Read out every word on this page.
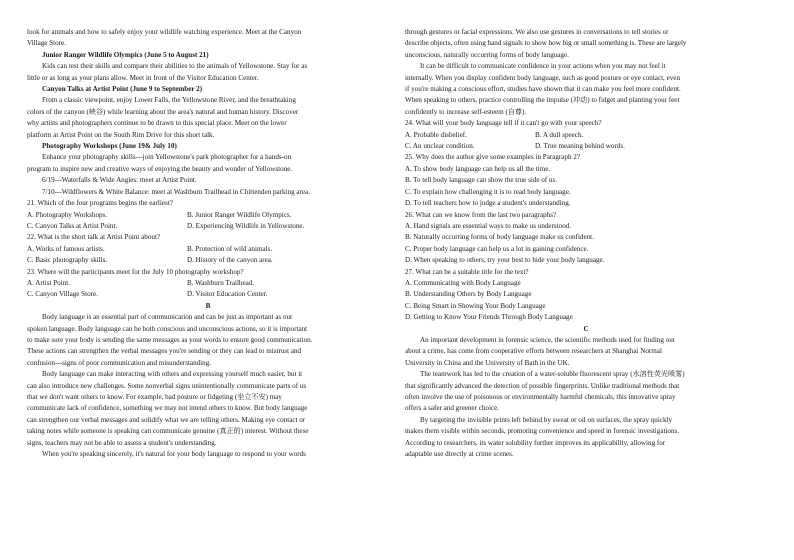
look for animals and how to safely enjoy your wildlife watching experience. Meet at the Canyon

Village Store.

Junior Ranger Wildlife Olympics (June 5 to August 21)

Kids can test their skills and compare their abilities to the animals of Yellowstone. Stay for as

little or as long as your plans allow. Meet in front of the Visitor Education Center.

Canyon Talks at Artist Point (June 9 to September 2)

From a classic viewpoint, enjoy Lower Falls, the Yellowstone River, and the breathtaking

colors of the canyon (峡谷) while learning about the area's natural and human history. Discover

why artists and photographers continue to be drawn to this special place. Meet on the lower

platform at Artist Point on the South Rim Drive for this short talk.

Photography Workshops (June 19& July 10)

Enhance your photography skills---join Yellowstone's park photographer for a hands-on

program to inspire new and creative ways of enjoying the beauty and wonder of Yellowstone.

6/19---Waterfalls & Wide Angles: meet at Artist Point.

7/10---Wildflowers & White Balance: meet at Washburn Trailhead in Chittenden parking area.

21. Which of the four programs begins the earliest?

A. Photography Workshops.	B. Junior Ranger Wildlife Olympics.
C. Canyon Talks at Artist Point.	D. Experiencing Wildlife in Yellowstone.

22. What is the short talk at Artist Point about?

A. Works of famous artists.	B. Protection of wild animals.
C. Basic photography skills.	D. History of the canyon area.

23. Where will the participants meet for the July 10 photography workshop?

A. Artist Point.	B. Washburn Trailhead.
C. Canyon Village Store.	D. Visitor Education Center.

B

Body language is an essential part of communication and can be just as important as our

spoken language. Body language can be both conscious and unconscious actions, so it is important

to make sure your body is sending the same messages as your words to ensure good communication.

These actions can strengthen the verbal messages you're sending or they can lead to mistrust and

confusion---signs of poor communication and misunderstanding.

Body language can make interacting with others and expressing yourself much easier, but it

can also introduce new challenges. Some nonverbal signs unintentionally communicate parts of us

that we don't want others to know. For example, bad posture or fidgeting (坐立不安) may

communicate lack of confidence, something we may not intend others to know. But body language

can strengthen our verbal messages and solidify what we are telling others. Making eye contact or

taking notes while someone is speaking can communicate genuine (真正的) interest. Without these

signs, teachers may not be able to assess a student's understanding.

When you're speaking sincerely, it's natural for your body language to respond to your words

through gestures or facial expressions. We also use gestures in conversations to tell stories or

describe objects, often using hand signals to show how big or small something is. These are largely

unconscious, naturally occurring forms of body language.

It can be difficult to communicate confidence in your actions when you may not feel it

internally. When you display confident body language, such as good posture or eye contact, even

if you're making a conscious effort, studies have shown that it can make you feel more confident.

When speaking to others, practice controlling the impulse (冲动) to fidget and planting your feet

confidently to increase self-esteem (自尊).

24. What will your body language tell if it can't go with your speech?

A. Probable disbelief.	B. A dull speech.
C. An unclear condition.	D. True meaning behind words.

25. Why does the author give some examples in Paragraph 2?

A. To show body language can help us all the time.

B. To tell body language can show the true side of us.

C. To explain how challenging it is to read body language.

D. To tell teachers how to judge a student's understanding.

26. What can we know from the last two paragraphs?

A. Hand signals are essential ways to make us understood.

B. Naturally occurring forms of body language make us confident.

C. Proper body language can help us a lot in gaining confidence.

D. When speaking to others, try your best to hide your body language.

27. What can be a suitable title for the text?

A. Communicating with Body Language

B. Understanding Others by Body Language

C. Being Smart in Showing Your Body Language

D. Getting to Know Your Friends Through Body Language

C

An important development in forensic science, the scientific methods used for finding out

about a crime, has come from cooperative efforts between researchers at Shanghai Normal

University in China and the University of Bath in the UK.

The teamwork has led to the creation of a water-soluble fluorescent spray (水溶性荧光喷雾)

that significantly advanced the detection of possible fingerprints. Unlike traditional methods that

often involve the use of poisonous or environmentally harmful chemicals, this innovative spray

offers a safer and greener choice.

By targeting the invisible prints left behind by sweat or oil on surfaces, the spray quickly

makes them visible within seconds, promoting convenience and speed in forensic investigations.

According to researchers, its water solubility further improves its applicability, allowing for

adaptable use directly at crime scenes.
